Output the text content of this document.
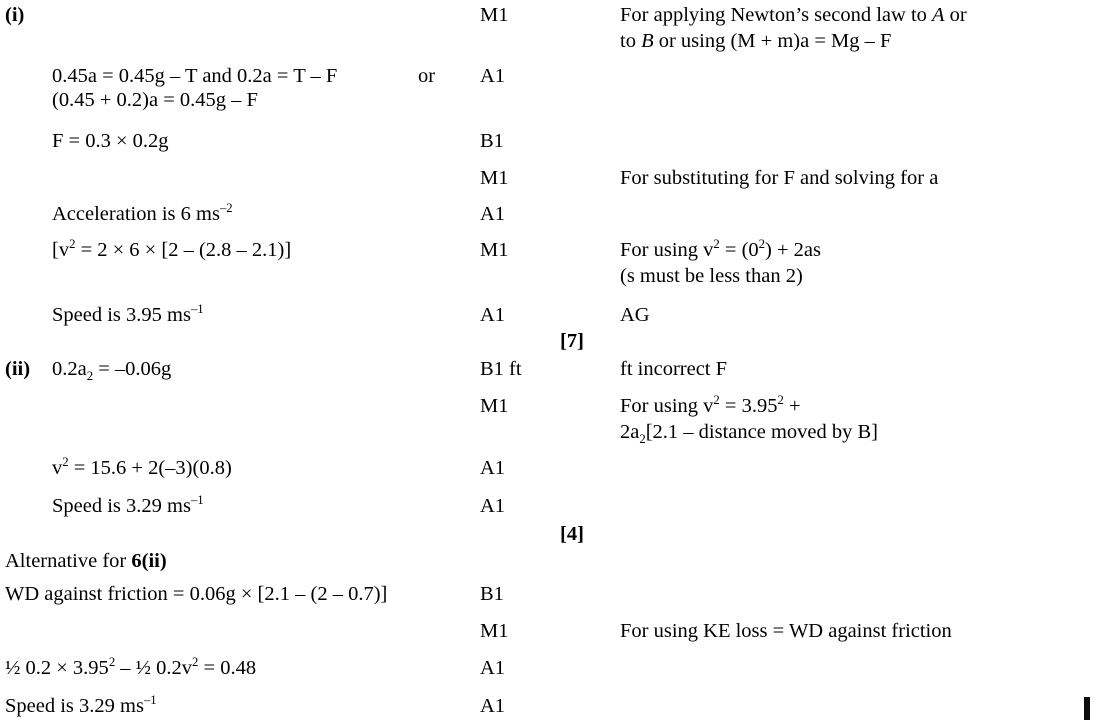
(i)	M1	For applying Newton’s second law to A or
to B or using (M + m)a = Mg – F
0.45a = 0.45g – T and 0.2a = T – F	or A1
(0.45 + 0.2)a = 0.45g – F
F = 0.3 × 0.2g	B1
M1	For substituting for F and solving for a
Acceleration is 6 $ms^{-2}$	A1
[$v^2 = 2 \times 6 \times [2 - (2.8 - 2.1)]$	M1	For using $v^2 = (0^2) + 2as$
(s must be less than 2)
Speed is 3.95 $ms^{-1}$	A1	AG
[7]
(ii) $0.2a_2 = -0.06g$	B1 ft	ft incorrect F
M1	For using $v^2 = 3.95^2$ +
$2a_2[2.1$ – distance moved by B]
$v^2 = 15.6 + 2(-3)(0.8)$	A1
Speed is 3.29 $ms^{-1}$	A1
[4]
Alternative for 6(ii)
WD against friction = 0.06g × [2.1 – (2 – 0.7)]	B1
M1	For using KE loss = WD against friction
½ $0.2 \times 3.95^2$ – ½ $0.2v^2 = 0.48$	A1
Speed is 3.29 $ms^{-1}$	A1
